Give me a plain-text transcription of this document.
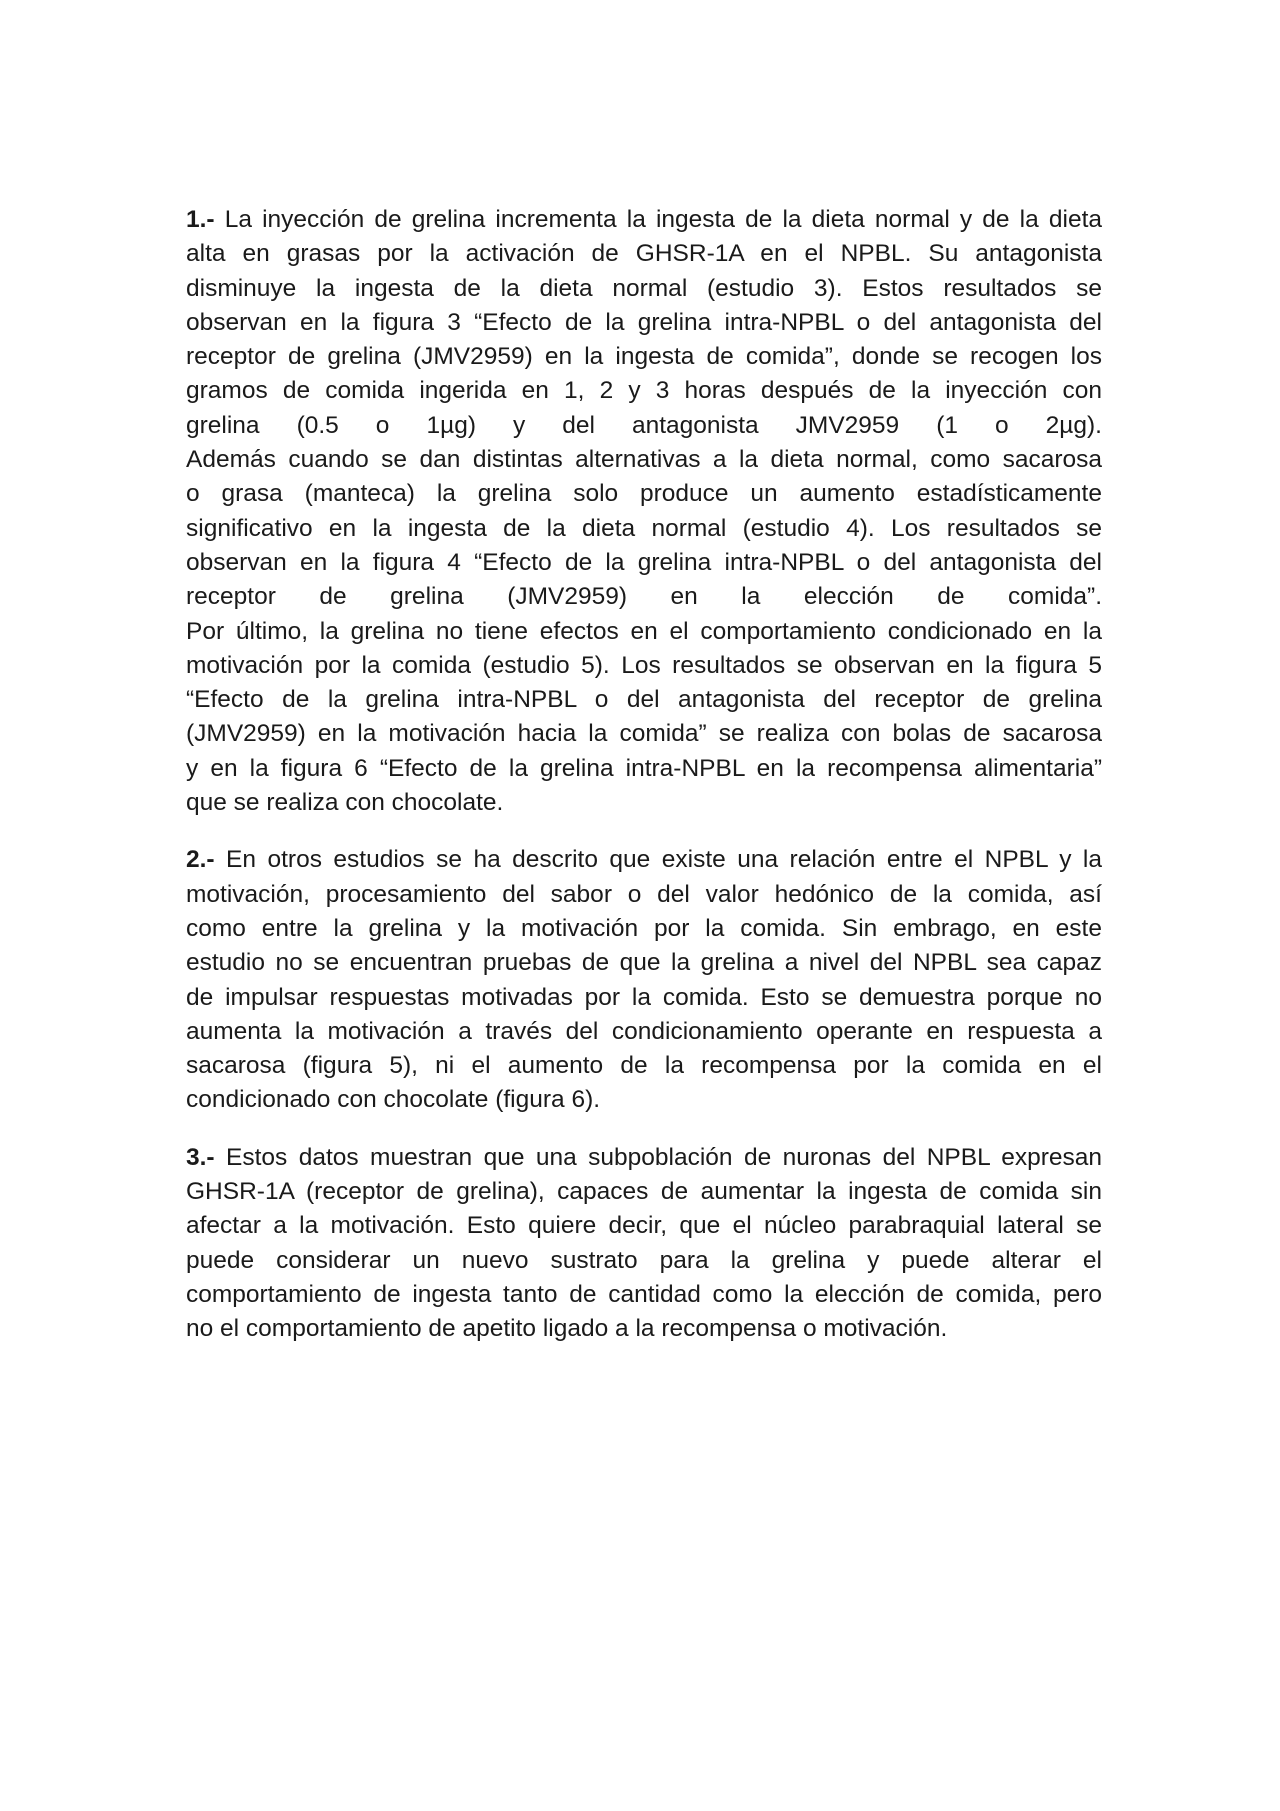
1.- La inyección de grelina incrementa la ingesta de la dieta normal y de la dieta
alta en grasas por la activación de GHSR-1A en el NPBL. Su antagonista
disminuye la ingesta de la dieta normal (estudio 3). Estos resultados se
observan en la figura 3 “Efecto de la grelina intra-NPBL o del antagonista del
receptor de grelina (JMV2959) en la ingesta de comida”, donde se recogen los
gramos de comida ingerida en 1, 2 y 3 horas después de la inyección con
grelina (0.5 o 1µg) y del antagonista JMV2959 (1 o 2µg).
Además cuando se dan distintas alternativas a la dieta normal, como sacarosa
o grasa (manteca) la grelina solo produce un aumento estadísticamente
significativo en la ingesta de la dieta normal (estudio 4). Los resultados se
observan en la figura 4 “Efecto de la grelina intra-NPBL o del antagonista del
receptor de grelina (JMV2959) en la elección de comida”.
Por último, la grelina no tiene efectos en el comportamiento condicionado en la
motivación por la comida (estudio 5). Los resultados se observan en la figura 5
“Efecto de la grelina intra-NPBL o del antagonista del receptor de grelina
(JMV2959) en la motivación hacia la comida” se realiza con bolas de sacarosa
y en la figura 6 “Efecto de la grelina intra-NPBL en la recompensa alimentaria”
que se realiza con chocolate.
2.- En otros estudios se ha descrito que existe una relación entre el NPBL y la
motivación, procesamiento del sabor o del valor hedónico de la comida, así
como entre la grelina y la motivación por la comida. Sin embrago, en este
estudio no se encuentran pruebas de que la grelina a nivel del NPBL sea capaz
de impulsar respuestas motivadas por la comida. Esto se demuestra porque no
aumenta la motivación a través del condicionamiento operante en respuesta a
sacarosa (figura 5), ni el aumento de la recompensa por la comida en el
condicionado con chocolate (figura 6).
3.- Estos datos muestran que una subpoblación de nuronas del NPBL expresan
GHSR-1A (receptor de grelina), capaces de aumentar la ingesta de comida sin
afectar a la motivación. Esto quiere decir, que el núcleo parabraquial lateral se
puede considerar un nuevo sustrato para la grelina y puede alterar el
comportamiento de ingesta tanto de cantidad como la elección de comida, pero
no el comportamiento de apetito ligado a la recompensa o motivación.
